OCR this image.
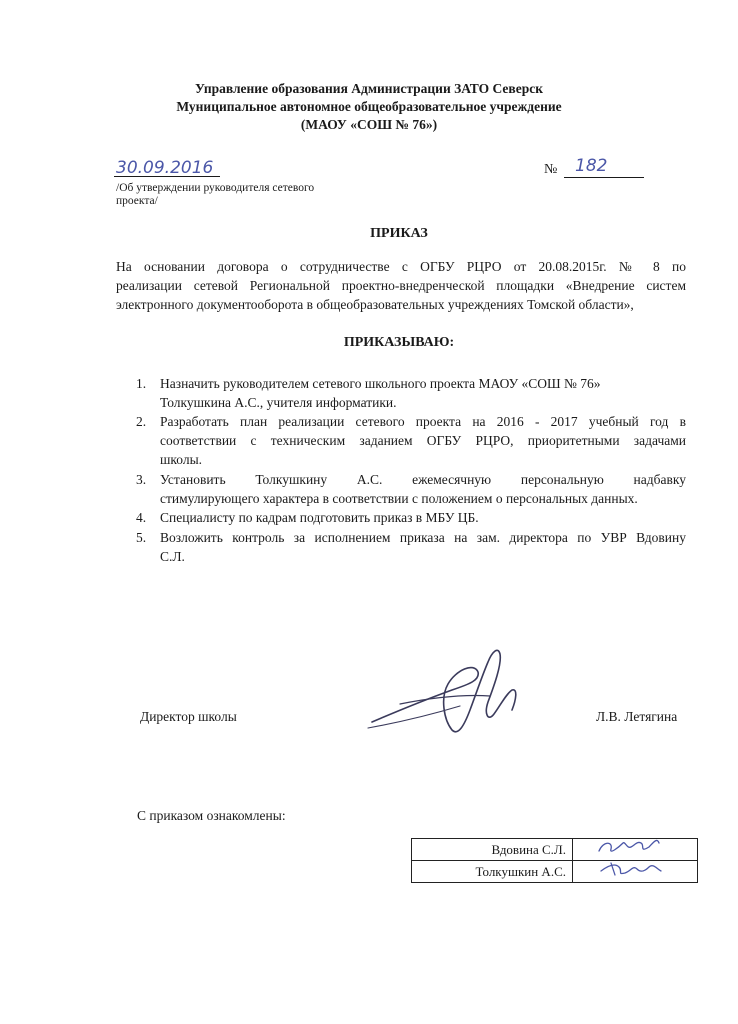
Управление образования Администрации ЗАТО Северск
Муниципальное автономное общеобразовательное учреждение
(МАОУ «СОШ № 76»)
30.09.2016	№ 182
/Об утверждении руководителя сетевого
проекта/
ПРИКАЗ
На основании договора о сотрудничестве с ОГБУ РЦРО от 20.08.2015г. № 8 по
реализации сетевой Региональной проектно-внедренческой площадки «Внедрение систем
электронного документооборота в общеобразовательных учреждениях Томской области»,
ПРИКАЗЫВАЮ:
1.	Назначить руководителем сетевого школьного проекта МАОУ «СОШ № 76»
Толкушкина А.С., учителя информатики.
2.	Разработать план реализации сетевого проекта на 2016 - 2017 учебный год в
соответствии с техническим заданием ОГБУ РЦРО, приоритетными задачами
школы.
3.	Установить    Толкушкину    А.С.    ежемесячную    персональную    надбавку
стимулирующего характера в соответствии с положением о персональных данных.
4.	Специалисту по кадрам подготовить приказ в МБУ ЦБ.
5.	Возложить контроль за исполнением приказа на зам. директора по УВР Вдовину
С.Л.
Директор школы	Л.В. Летягина
С приказом ознакомлены:
Вдовина С.Л.	
Толкушкин А.С.	
